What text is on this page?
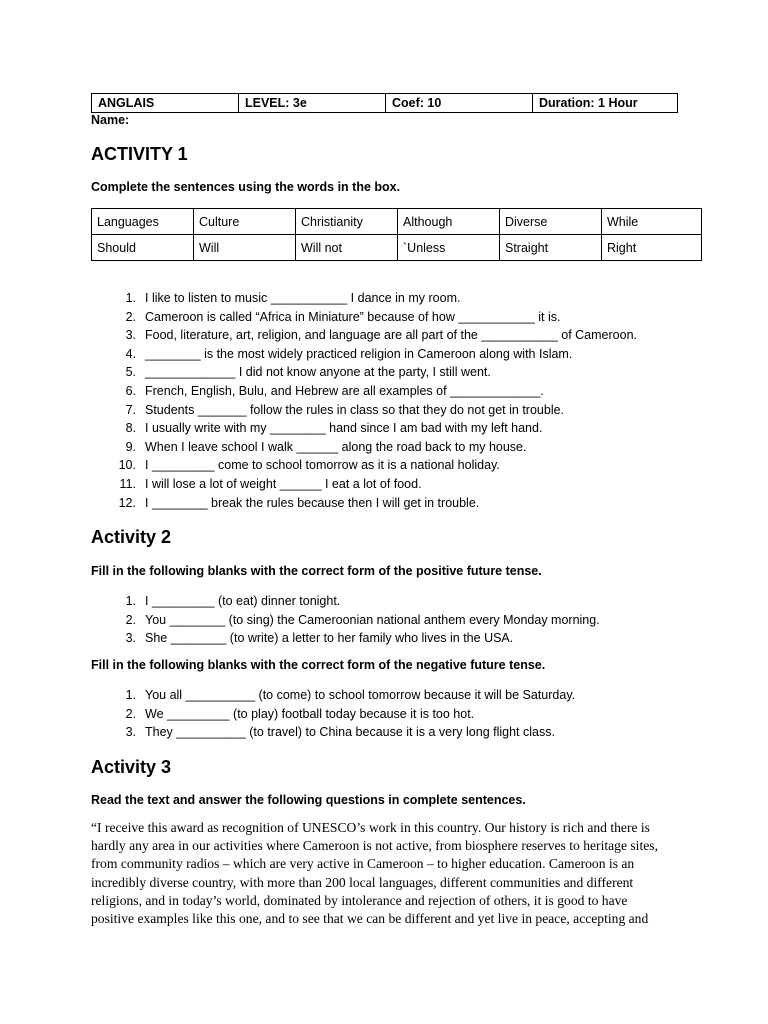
ANGLAIS	LEVEL: 3e	Coef: 10	Duration: 1 Hour
Name:
ACTIVITY 1
Complete the sentences using the words in the box.
Languages	Culture	Christianity	Although	Diverse	While
Should	Will	Will not	`Unless	Straight	Right
1. I like to listen to music ___________ I dance in my room.
2. Cameroon is called “Africa in Miniature” because of how ___________ it is.
3. Food, literature, art, religion, and language are all part of the ___________ of Cameroon.
4. ________ is the most widely practiced religion in Cameroon along with Islam.
5. _____________ I did not know anyone at the party, I still went.
6. French, English, Bulu, and Hebrew are all examples of _____________.
7. Students _______ follow the rules in class so that they do not get in trouble.
8. I usually write with my ________ hand since I am bad with my left hand.
9. When I leave school I walk ______ along the road back to my house.
10. I _________ come to school tomorrow as it is a national holiday.
11. I will lose a lot of weight ______ I eat a lot of food.
12. I ________ break the rules because then I will get in trouble.
Activity 2
Fill in the following blanks with the correct form of the positive future tense.
1. I _________ (to eat) dinner tonight.
2. You ________ (to sing) the Cameroonian national anthem every Monday morning.
3. She ________ (to write) a letter to her family who lives in the USA.
Fill in the following blanks with the correct form of the negative future tense.
1. You all __________ (to come) to school tomorrow because it will be Saturday.
2. We _________ (to play) football today because it is too hot.
3. They __________ (to travel) to China because it is a very long flight class.
Activity 3
Read the text and answer the following questions in complete sentences.
“I receive this award as recognition of UNESCO’s work in this country. Our history is rich and there is
hardly any area in our activities where Cameroon is not active, from biosphere reserves to heritage sites,
from community radios – which are very active in Cameroon – to higher education. Cameroon is an
incredibly diverse country, with more than 200 local languages, different communities and different
religions, and in today’s world, dominated by intolerance and rejection of others, it is good to have
positive examples like this one, and to see that we can be different and yet live in peace, accepting and
